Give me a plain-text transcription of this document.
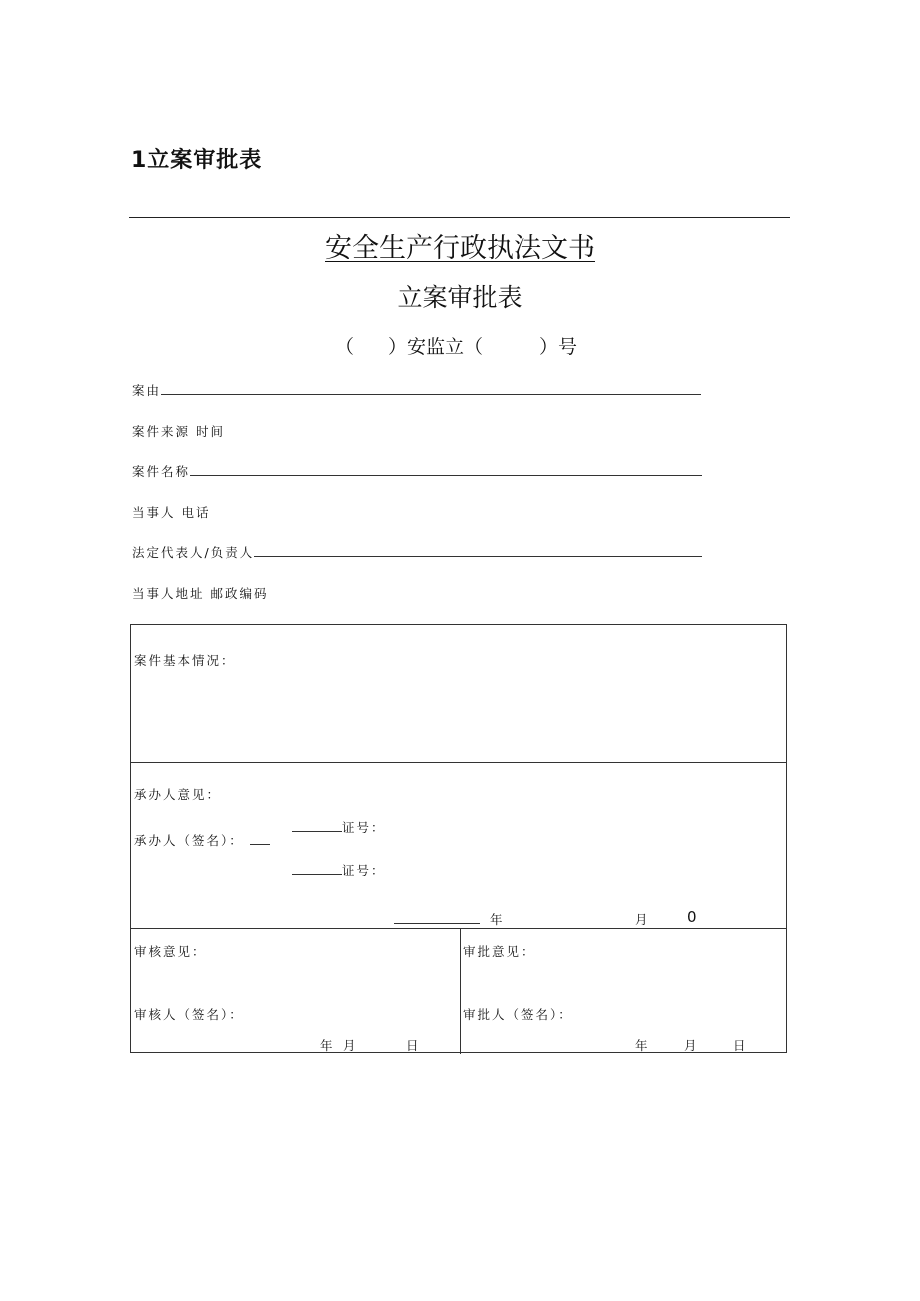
1立案审批表
安全生产行政执法文书
立案审批表
（ ）安监立（	）号
案由
案件来源 时间
案件名称
当事人 电话
法定代表人/负责人
当事人地址 邮政编码
案件基本情况：
承办人意见：
承办人（签名）：
证号：
证号：
年	月 0
审核意见：
审核人（签名）：
年 月	日
审批意见：
审批人（签名）：
年	月	日
